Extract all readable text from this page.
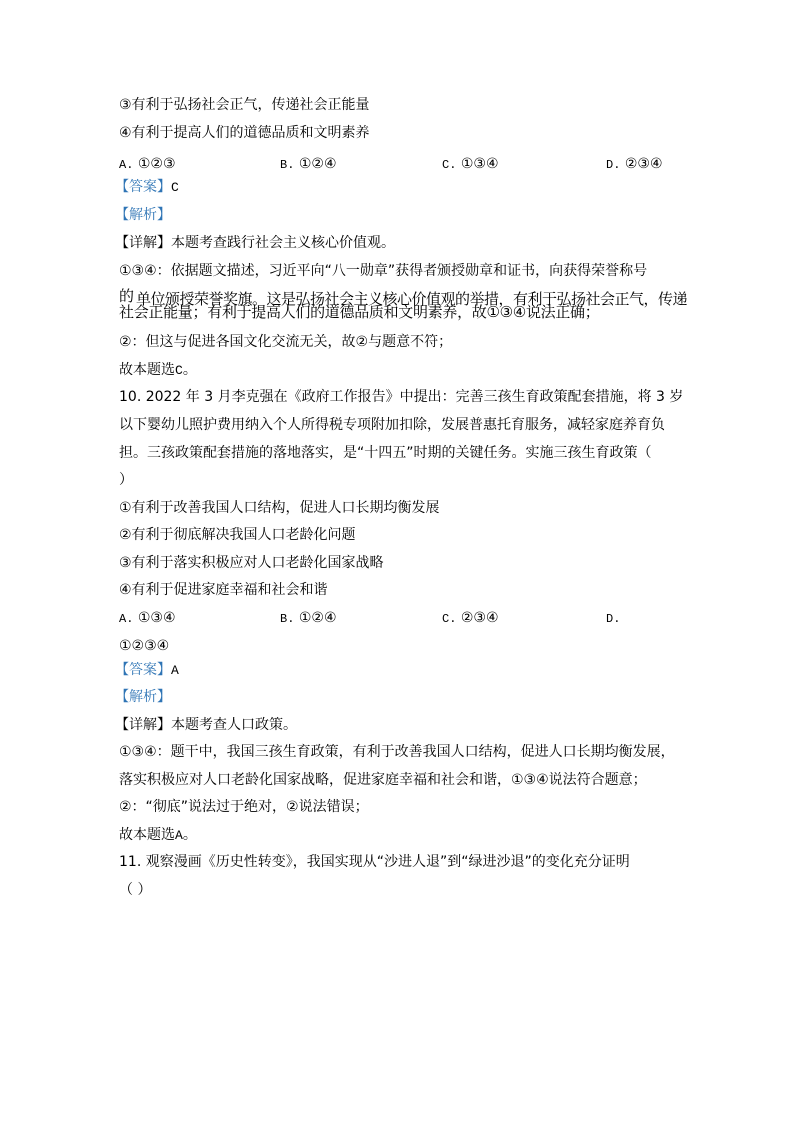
③有利于弘扬社会正气，传递社会正能量
④有利于提高人们的道德品质和文明素养
A. ①②③	B. ①②④	C. ①③④	D. ②③④
【答案】C
【解析】
【详解】本题考查践行社会主义核心价值观。
①③④：依据题文描述，习近平向“八一勋章”获得者颁授勋章和证书，向获得荣誉称号
的 单位颁授荣誉奖旗。这是弘扬社会主义核心价值观的举措，有利于弘扬社会正气，传递
社会正能量；有利于提高人们的道德品质和文明素养，故①③④说法正确；
②：但这与促进各国文化交流无关，故②与题意不符；
故本题选C。
10. 2022 年 3 月李克强在《政府工作报告》中提出：完善三孩生育政策配套措施，将 3 岁
以下婴幼儿照护费用纳入个人所得税专项附加扣除，发展普惠托育服务，减轻家庭养育负
担。三孩政策配套措施的落地落实，是“十四五”时期的关键任务。实施三孩生育政策（
）
①有利于改善我国人口结构，促进人口长期均衡发展
②有利于彻底解决我国人口老龄化问题
③有利于落实积极应对人口老龄化国家战略
④有利于促进家庭幸福和社会和谐
A. ①③④	B. ①②④	C. ②③④	D.
①②③④
【答案】A
【解析】
【详解】本题考查人口政策。
①③④：题干中，我国三孩生育政策，有利于改善我国人口结构，促进人口长期均衡发展，
落实积极应对人口老龄化国家战略，促进家庭幸福和社会和谐，①③④说法符合题意；
②：“彻底”说法过于绝对，②说法错误；
故本题选A。
11. 观察漫画《历史性转变》，我国实现从“沙进人退”到“绿进沙退”的变化充分证明
（ ）
